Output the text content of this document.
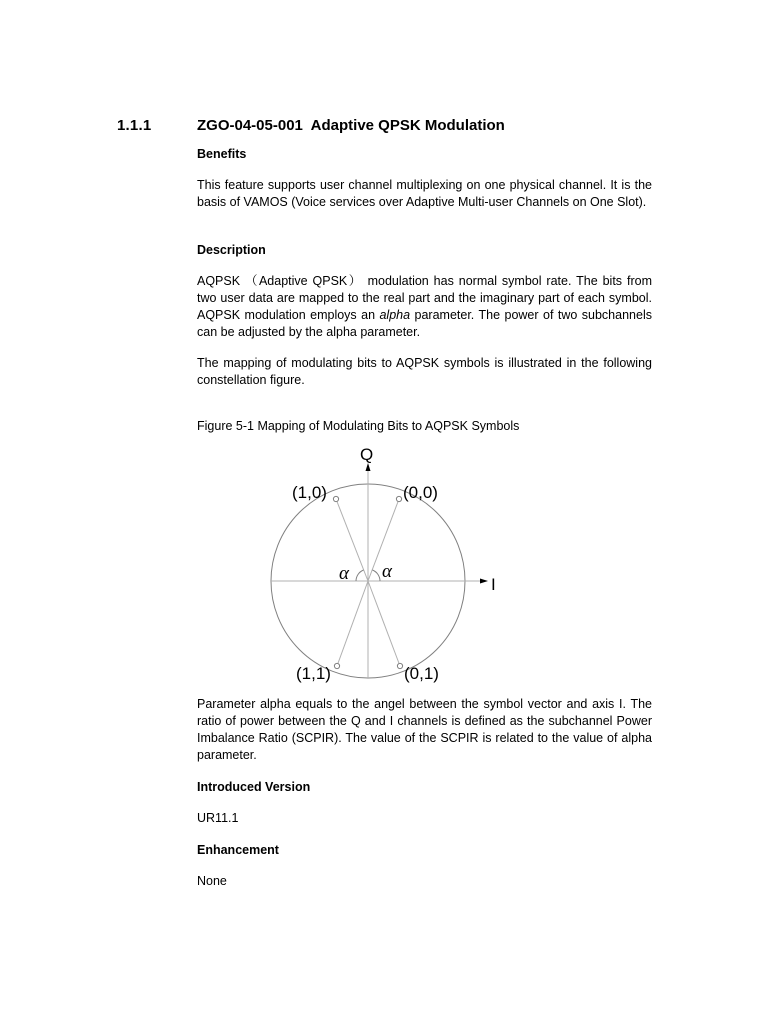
1.1.1	ZGO-04-05-001  Adaptive QPSK Modulation
Benefits
This feature supports user channel multiplexing on one physical channel. It is the basis of VAMOS (Voice services over Adaptive Multi-user Channels on One Slot).
Description
AQPSK （Adaptive QPSK） modulation has normal symbol rate. The bits from two user data are mapped to the real part and the imaginary part of each symbol. AQPSK modulation employs an alpha parameter. The power of two subchannels can be adjusted by the alpha parameter.
The mapping of modulating bits to AQPSK symbols is illustrated in the following constellation figure.
Figure 5-1 Mapping of Modulating Bits to AQPSK Symbols
Parameter alpha equals to the angel between the symbol vector and axis I. The ratio of power between the Q and I channels is defined as the subchannel Power Imbalance Ratio (SCPIR). The value of the SCPIR is related to the value of alpha parameter.
Introduced Version
UR11.1
Enhancement
None
Q
I
α α
(1,0)	(0,0)
(1,1)	(0,1)
